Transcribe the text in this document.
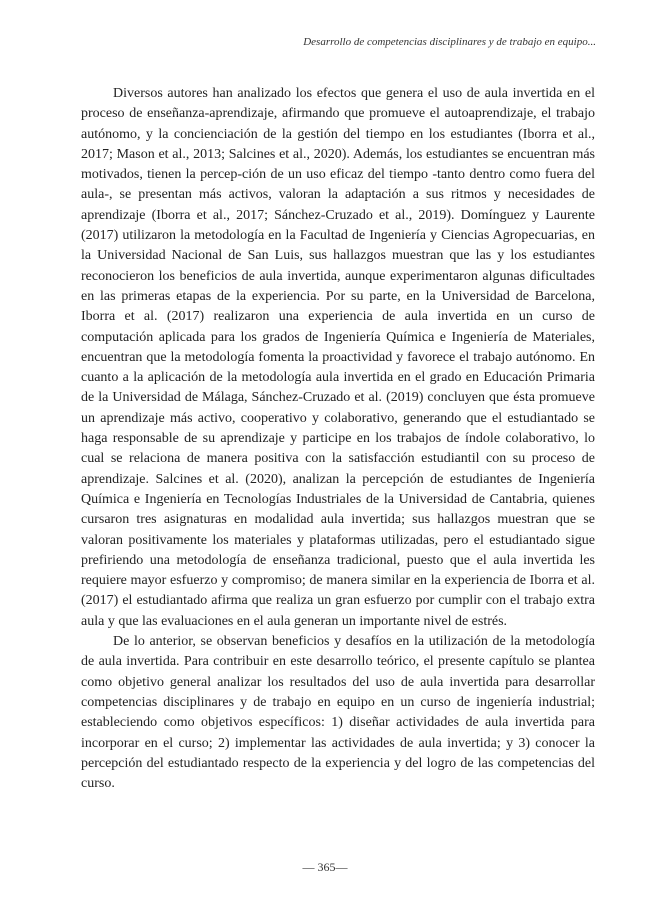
Desarrollo de competencias disciplinares y de trabajo en equipo...

Diversos autores han analizado los efectos que genera el uso de aula invertida en el proceso de enseñanza-aprendizaje, afirmando que promueve el autoaprendizaje, el trabajo autónomo, y la concienciación de la gestión del tiempo en los estudiantes (Iborra et al., 2017; Mason et al., 2013; Salcines et al., 2020). Además, los estudiantes se encuentran más motivados, tienen la percep-ción de un uso eficaz del tiempo -tanto dentro como fuera del aula-, se presentan más activos, valoran la adaptación a sus ritmos y necesidades de aprendizaje (Iborra et al., 2017; Sánchez-Cruzado et al., 2019). Domínguez y Laurente (2017) utilizaron la metodología en la Facultad de Ingeniería y Ciencias Agropecuarias, en la Universidad Nacional de San Luis, sus hallazgos muestran que las y los estudiantes reconocieron los beneficios de aula invertida, aunque experimentaron algunas dificultades en las primeras etapas de la experiencia. Por su parte, en la Universidad de Barcelona, Iborra et al. (2017) realizaron una experiencia de aula invertida en un curso de computación aplicada para los grados de Ingeniería Química e Ingeniería de Materiales, encuentran que la metodología fomenta la proactividad y favorece el trabajo autónomo. En cuanto a la aplicación de la metodología aula invertida en el grado en Educación Primaria de la Universidad de Málaga, Sánchez-Cruzado et al. (2019) concluyen que ésta promueve un aprendizaje más activo, cooperativo y colaborativo, generando que el estudiantado se haga responsable de su aprendizaje y participe en los trabajos de índole colaborativo, lo cual se relaciona de manera positiva con la satisfacción estudiantil con su proceso de aprendizaje. Salcines et al. (2020), analizan la percepción de estudiantes de Ingeniería Química e Ingeniería en Tecnologías Industriales de la Universidad de Cantabria, quienes cursaron tres asignaturas en modalidad aula invertida; sus hallazgos muestran que se valoran positivamente los materiales y plataformas utilizadas, pero el estudiantado sigue prefiriendo una metodología de enseñanza tradicional, puesto que el aula invertida les requiere mayor esfuerzo y compromiso; de manera similar en la experiencia de Iborra et al. (2017) el estudiantado afirma que realiza un gran esfuerzo por cumplir con el trabajo extra aula y que las evaluaciones en el aula generan un importante nivel de estrés.

De lo anterior, se observan beneficios y desafíos en la utilización de la metodología de aula invertida. Para contribuir en este desarrollo teórico, el presente capítulo se plantea como objetivo general analizar los resultados del uso de aula invertida para desarrollar competencias disciplinares y de trabajo en equipo en un curso de ingeniería industrial; estableciendo como objetivos específicos: 1) diseñar actividades de aula invertida para incorporar en el curso; 2) implementar las actividades de aula invertida; y 3) conocer la percepción del estudiantado respecto de la experiencia y del logro de las competencias del curso.

— 365—
